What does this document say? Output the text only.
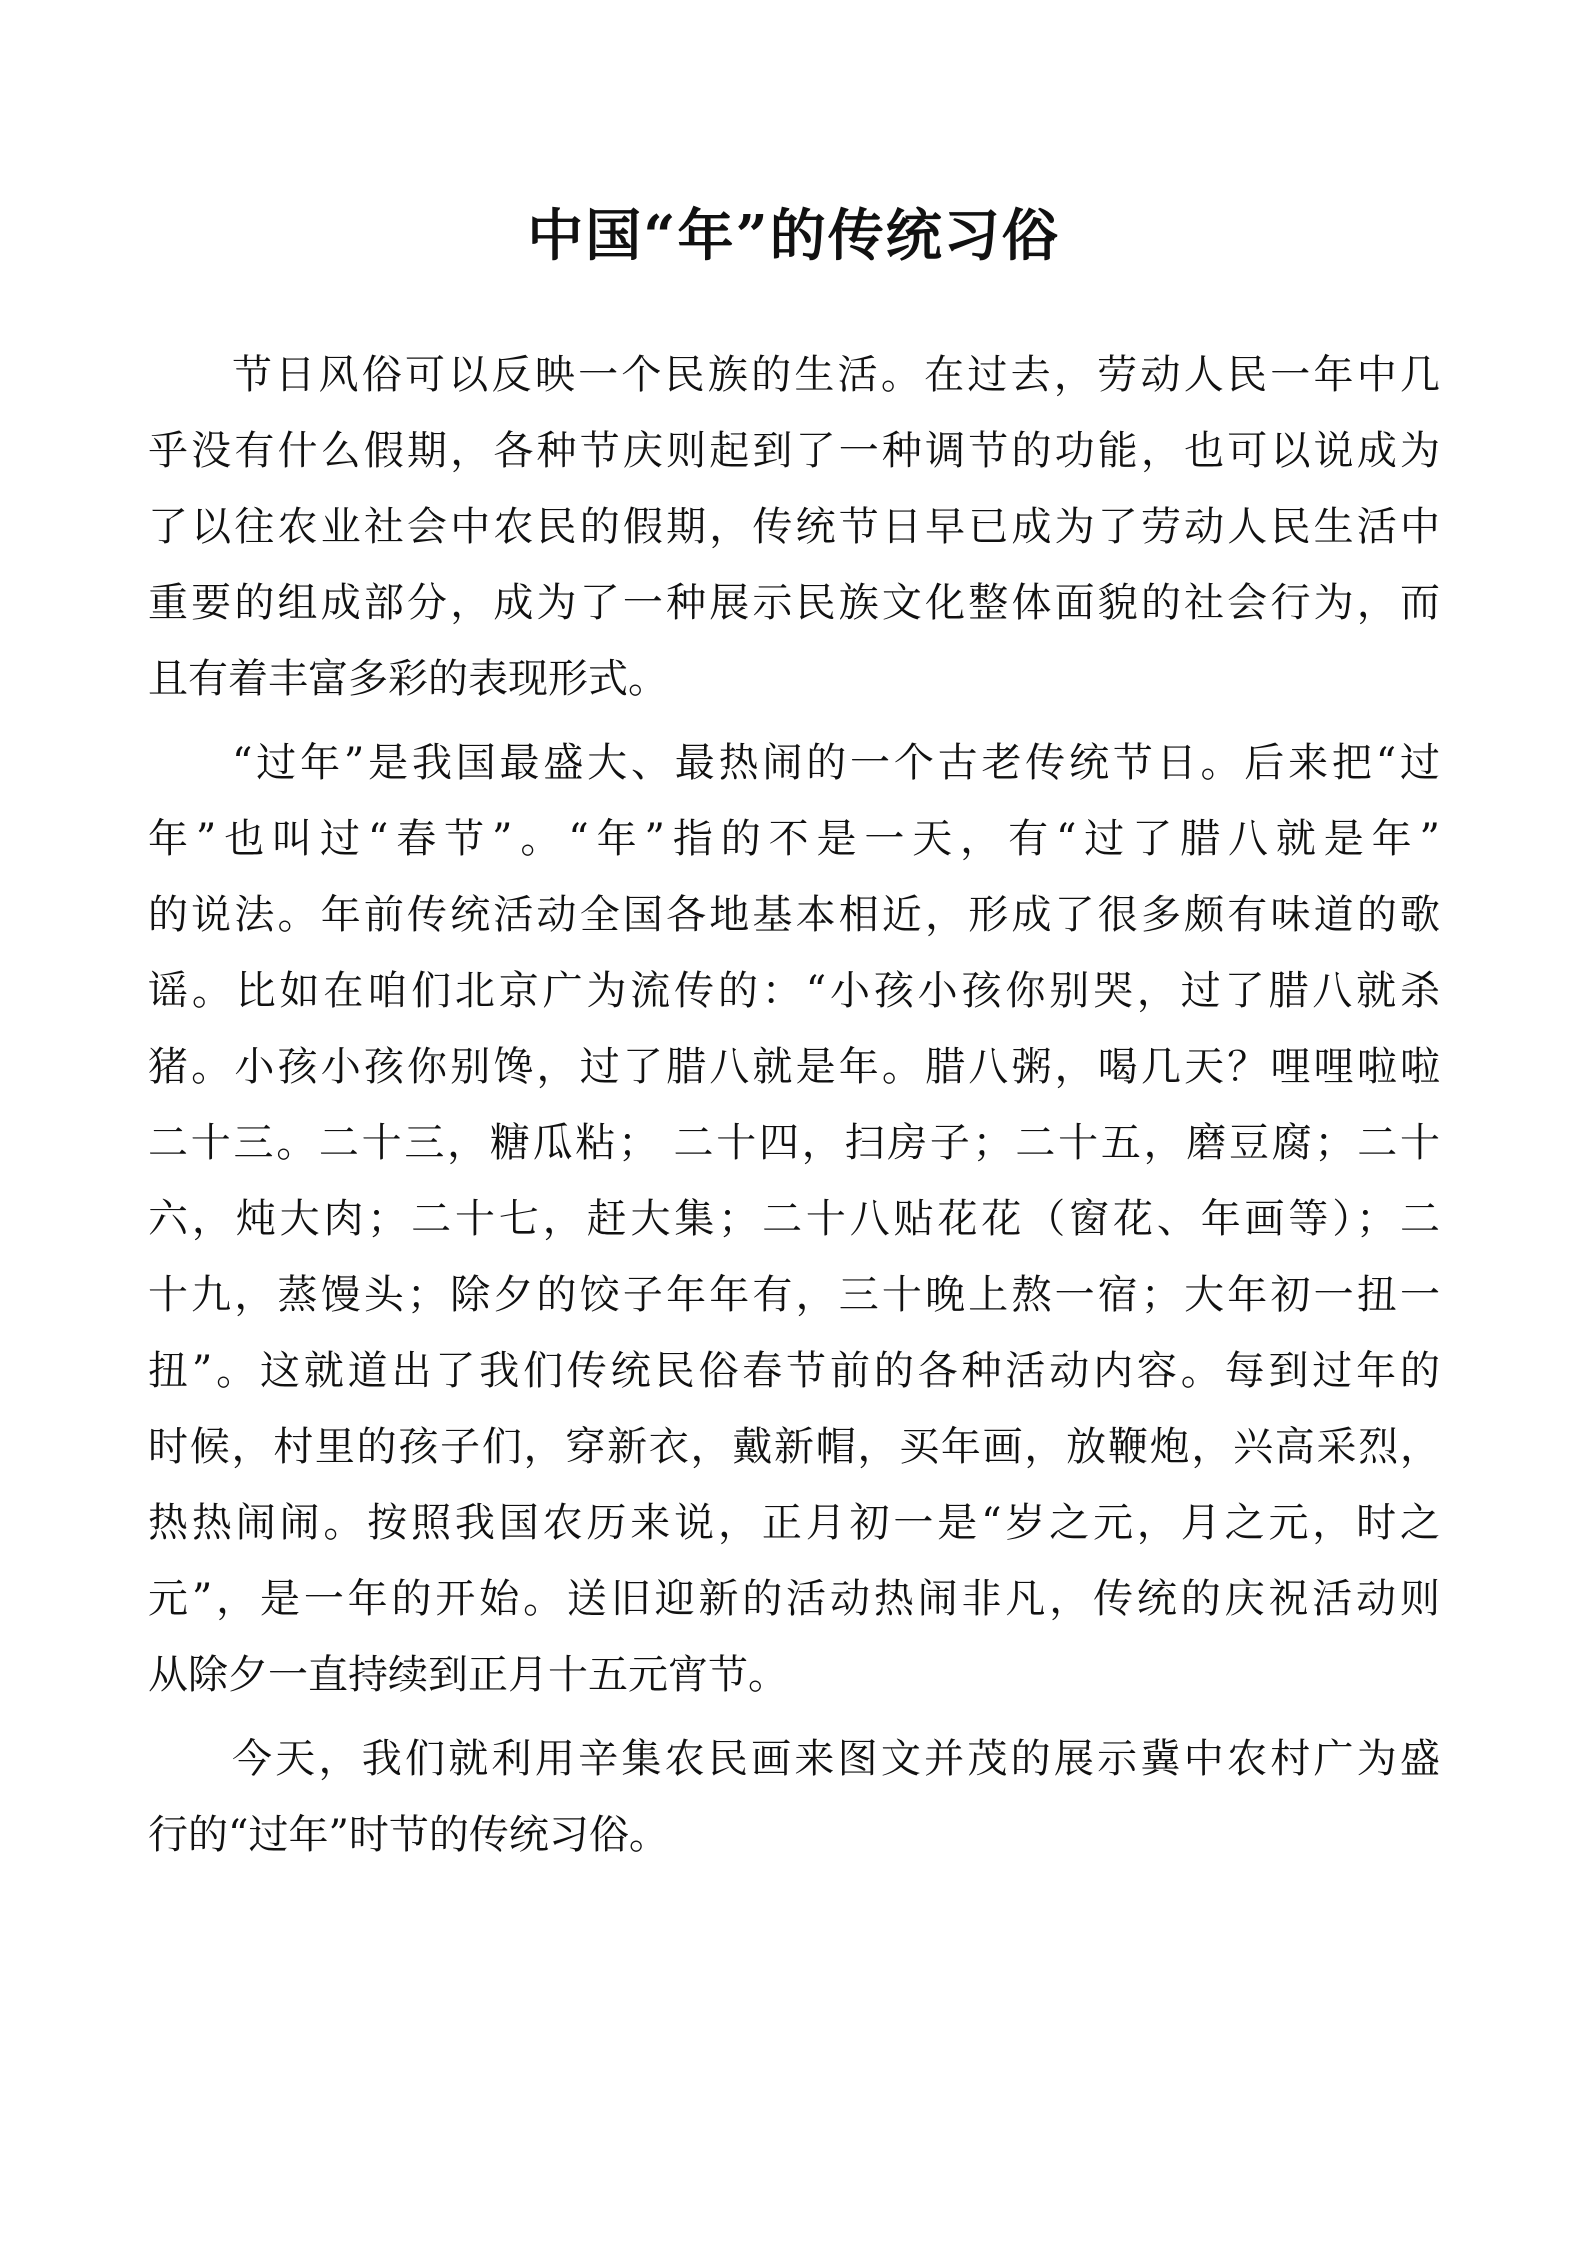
中国“年”的传统习俗
节日风俗可以反映一个民族的生活。在过去，劳动人民一年中几
乎没有什么假期，各种节庆则起到了一种调节的功能，也可以说成为
了以往农业社会中农民的假期，传统节日早已成为了劳动人民生活中
重要的组成部分，成为了一种展示民族文化整体面貌的社会行为，而
且有着丰富多彩的表现形式。
“过年”是我国最盛大、最热闹的一个古老传统节日。后来把“过
年”也叫过“春节”。“年”指的不是一天，有“过了腊八就是年”
的说法。年前传统活动全国各地基本相近，形成了很多颇有味道的歌
谣。比如在咱们北京广为流传的：“小孩小孩你别哭，过了腊八就杀
猪。小孩小孩你别馋，过了腊八就是年。腊八粥，喝几天？哩哩啦啦
二十三。二十三，糖瓜粘； 二十四，扫房子；二十五，磨豆腐；二十
六，炖大肉；二十七，赶大集；二十八贴花花（窗花、年画等）；二
十九，蒸馒头；除夕的饺子年年有，三十晚上熬一宿；大年初一扭一
扭”。这就道出了我们传统民俗春节前的各种活动内容。每到过年的
时候，村里的孩子们，穿新衣，戴新帽，买年画，放鞭炮，兴高采烈，
热热闹闹。按照我国农历来说，正月初一是“岁之元，月之元，时之
元”，是一年的开始。送旧迎新的活动热闹非凡，传统的庆祝活动则
从除夕一直持续到正月十五元宵节。
今天，我们就利用辛集农民画来图文并茂的展示冀中农村广为盛
行的“过年”时节的传统习俗。
